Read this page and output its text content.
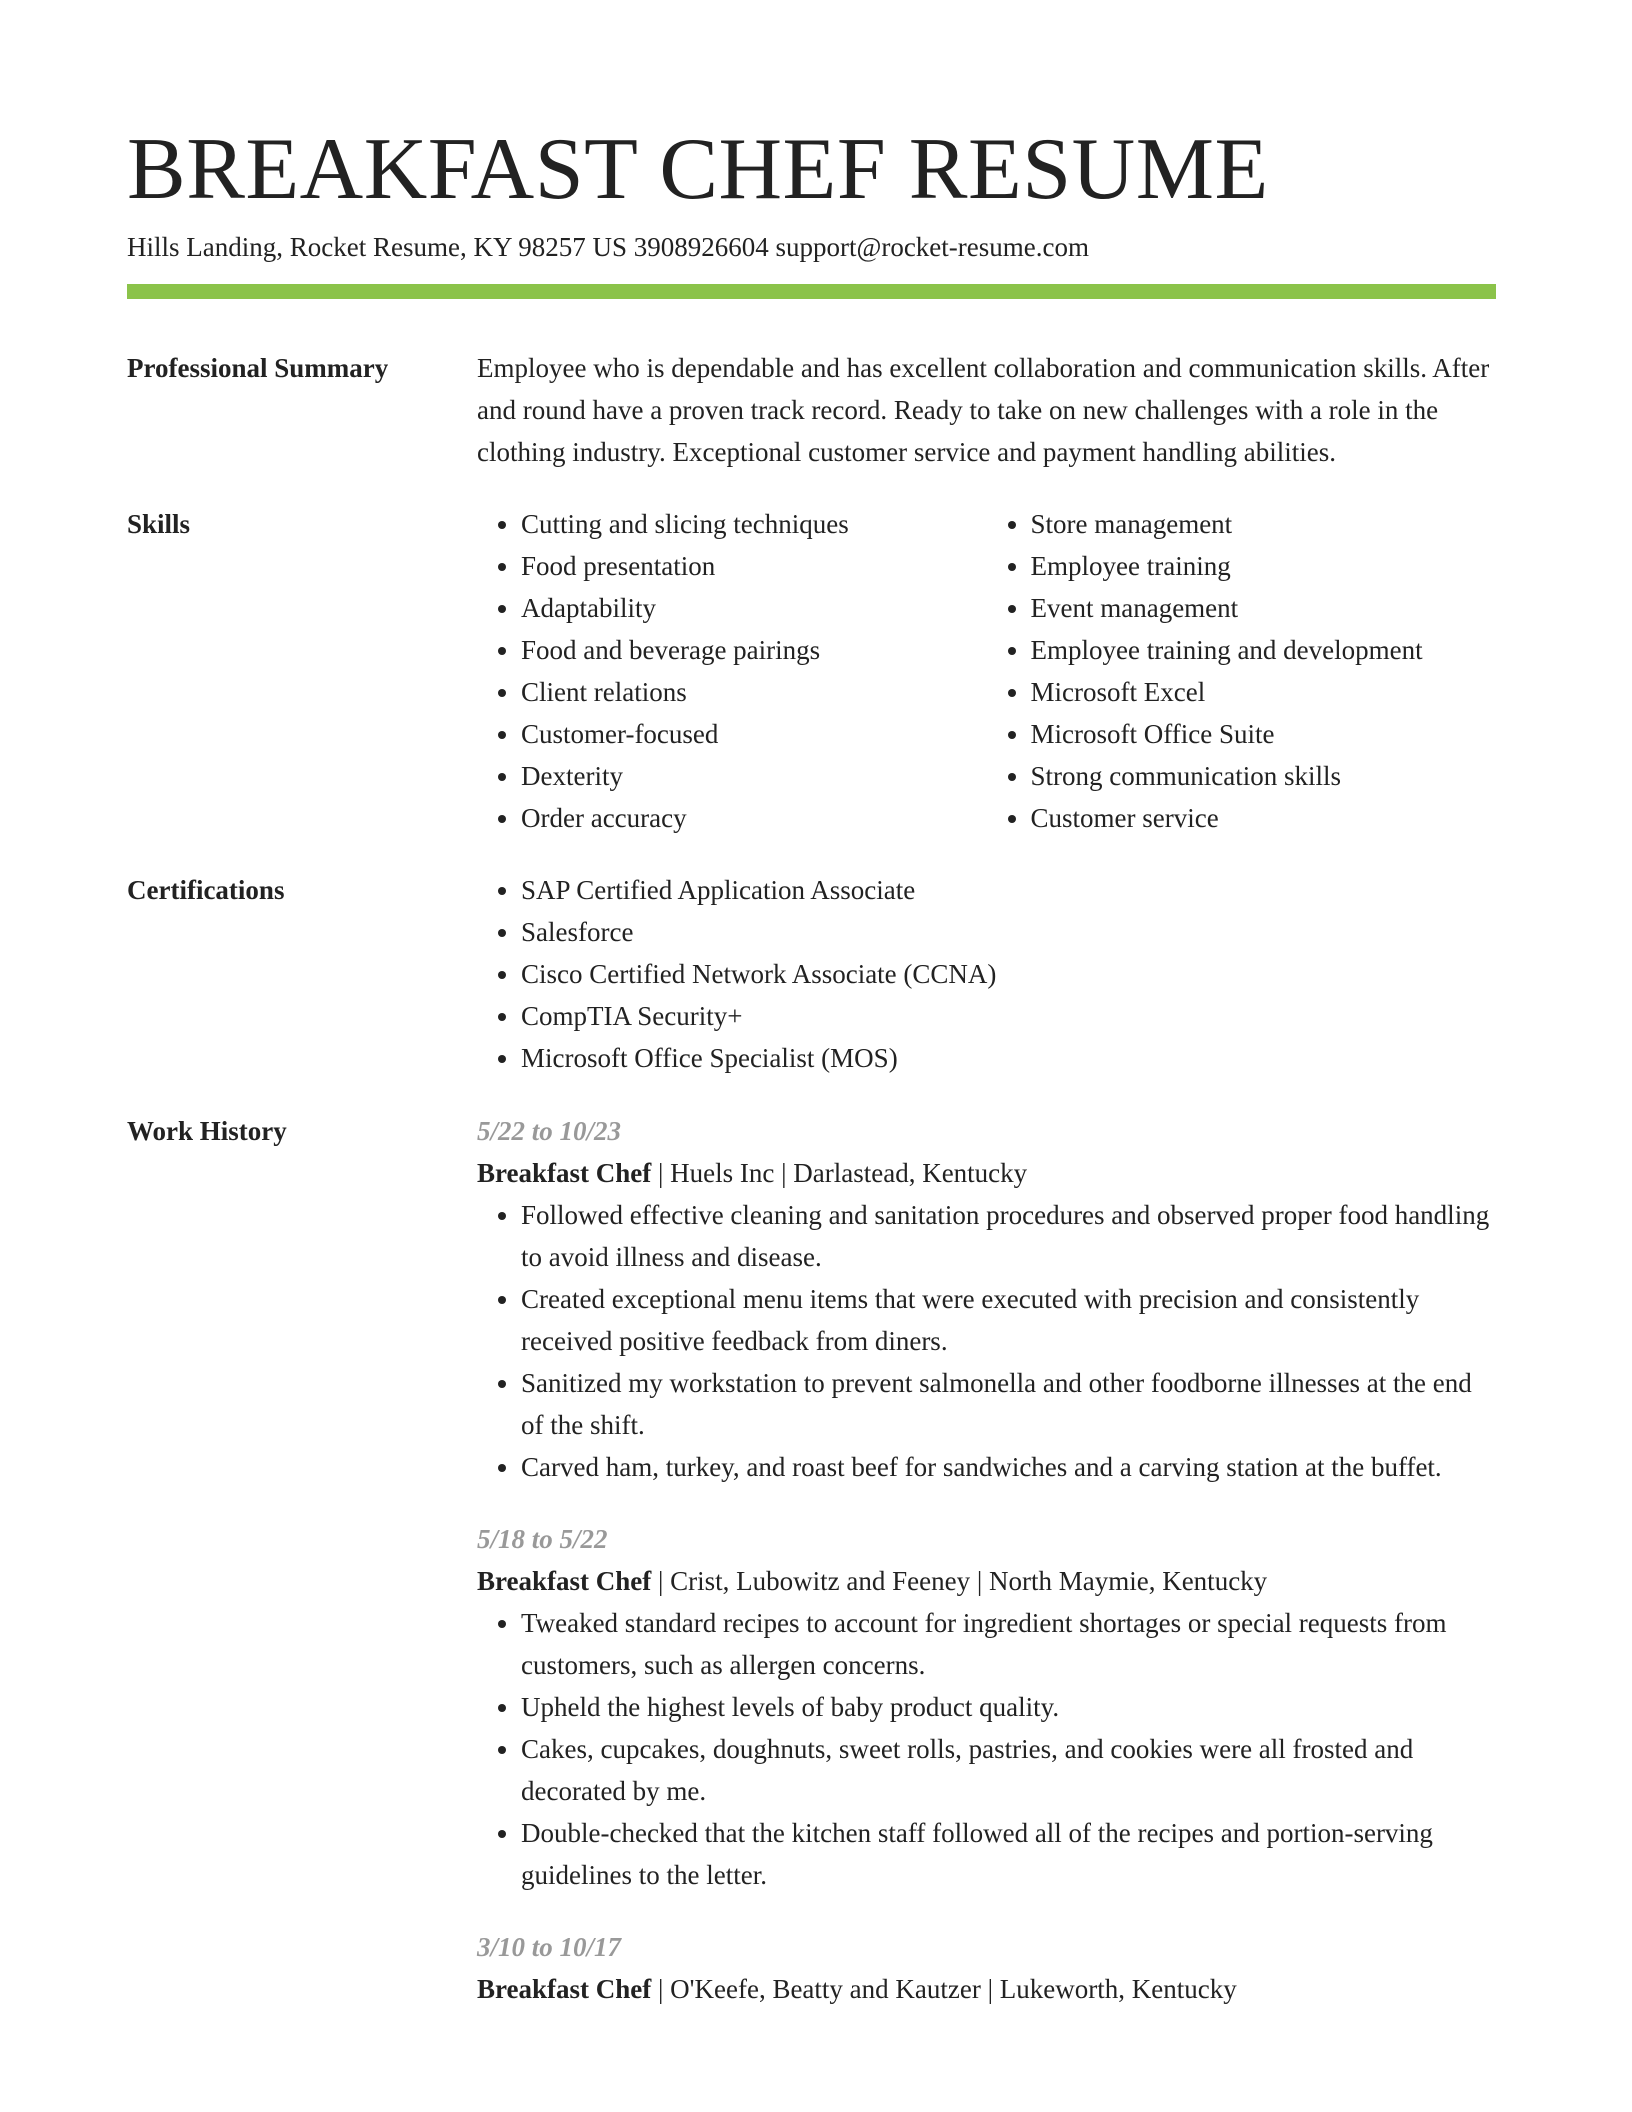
BREAKFAST CHEF RESUME

Hills Landing, Rocket Resume, KY 98257 US 3908926604 support@rocket-resume.com

Professional Summary	Employee who is dependable and has excellent collaboration and communication skills. After and round have a proven track record. Ready to take on new challenges with a role in the clothing industry. Exceptional customer service and payment handling abilities.

Skills	• Cutting and slicing techniques
• Food presentation
• Adaptability
• Food and beverage pairings
• Client relations
• Customer-focused
• Dexterity
• Order accuracy
• Store management
• Employee training
• Event management
• Employee training and development
• Microsoft Excel
• Microsoft Office Suite
• Strong communication skills
• Customer service
Certifications	• SAP Certified Application Associate
• Salesforce
• Cisco Certified Network Associate (CCNA)
• CompTIA Security+
• Microsoft Office Specialist (MOS)
Work History	5/22 to 10/23

Breakfast Chef | Huels Inc | Darlastead, Kentucky

• Followed effective cleaning and sanitation procedures and observed proper food handling to avoid illness and disease.
• Created exceptional menu items that were executed with precision and consistently received positive feedback from diners.
• Sanitized my workstation to prevent salmonella and other foodborne illnesses at the end of the shift.
• Carved ham, turkey, and roast beef for sandwiches and a carving station at the buffet.

5/18 to 5/22

Breakfast Chef | Crist, Lubowitz and Feeney | North Maymie, Kentucky

• Tweaked standard recipes to account for ingredient shortages or special requests from customers, such as allergen concerns.
• Upheld the highest levels of baby product quality.
• Cakes, cupcakes, doughnuts, sweet rolls, pastries, and cookies were all frosted and decorated by me.
• Double-checked that the kitchen staff followed all of the recipes and portion-serving guidelines to the letter.

3/10 to 10/17

Breakfast Chef | O'Keefe, Beatty and Kautzer | Lukeworth, Kentucky
